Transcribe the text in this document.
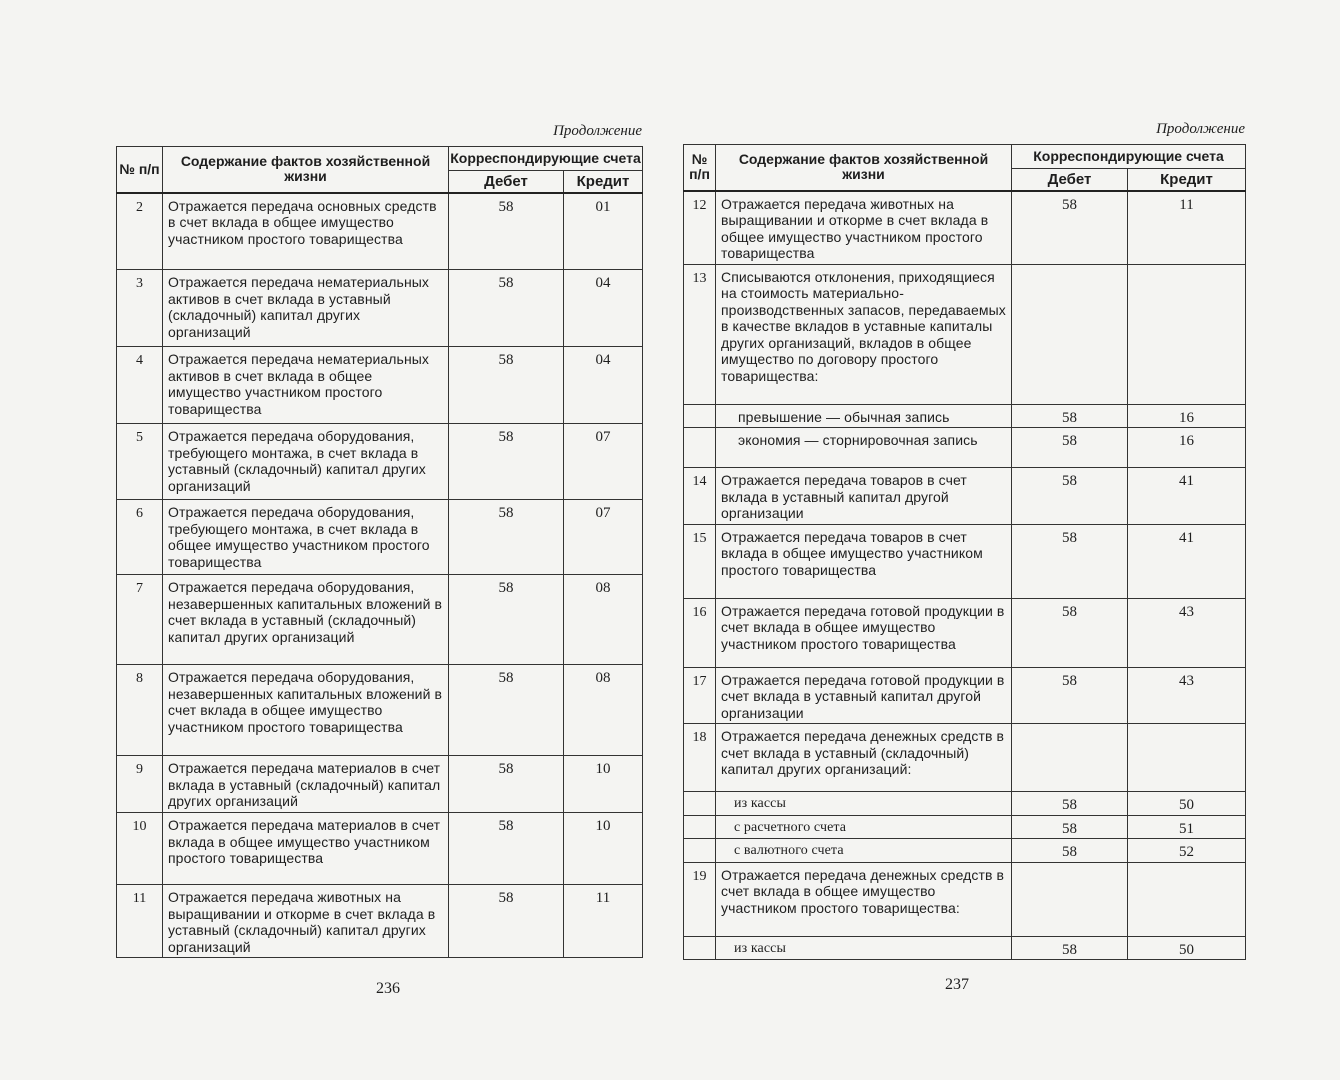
Продолжение
№ п/п	Содержание фактов хозяйственной жизни	Корреспондирующие счета	
		Дебет	Кредит
2	Отражается передача основных средств в счет вклада в общее имущество участником простого товарищества	58	01
3	Отражается передача нематериальных активов в счет вклада в уставный (складочный) капитал других организаций	58	04
4	Отражается передача нематериальных активов в счет вклада в общее имущество участником простого товарищества	58	04
5	Отражается передача оборудования, требующего монтажа, в счет вклада в уставный (складочный) капитал других организаций	58	07
6	Отражается передача оборудования, требующего монтажа, в счет вклада в общее имущество участником простого товарищества	58	07
7	Отражается передача оборудования, незавершенных капитальных вложений в счет вклада в уставный (складочный) капитал других организаций	58	08
8	Отражается передача оборудования, незавершенных капитальных вложений в счет вклада в общее имущество участником простого товарищества	58	08
9	Отражается передача материалов в счет вклада в уставный (складочный) капитал других организаций	58	10
10	Отражается передача материалов в счет вклада в общее имущество участником простого товарищества	58	10
11	Отражается передача животных на выращивании и откорме в счет вклада в уставный (складочный) капитал других организаций	58	11
236
Продолжение
№ п/п	Содержание фактов хозяйственной жизни	Корреспондирующие счета	
		Дебет	Кредит
12	Отражается передача животных на выращивании и откорме в счет вклада в общее имущество участником простого товарищества	58	11
13	Списываются отклонения, приходящиеся на стоимость материально-производственных запасов, передаваемых в качестве вкладов в уставные капиталы других организаций, вкладов в общее имущество по договору простого товарищества:		
	превышение — обычная запись	58	16
	экономия — сторнировочная запись	58	16
14	Отражается передача товаров в счет вклада в уставный капитал другой организации	58	41
15	Отражается передача товаров в счет вклада в общее имущество участником простого товарищества	58	41
16	Отражается передача готовой продукции в счет вклада в общее имущество участником простого товарищества	58	43
17	Отражается передача готовой продукции в счет вклада в уставный капитал другой организации	58	43
18	Отражается передача денежных средств в счет вклада в уставный (складочный) капитал других организаций:		
	из кассы	58	50
	с расчетного счета	58	51
	с валютного счета	58	52
19	Отражается передача денежных средств в счет вклада в общее имущество участником простого товарищества:		
	из кассы	58	50
237
